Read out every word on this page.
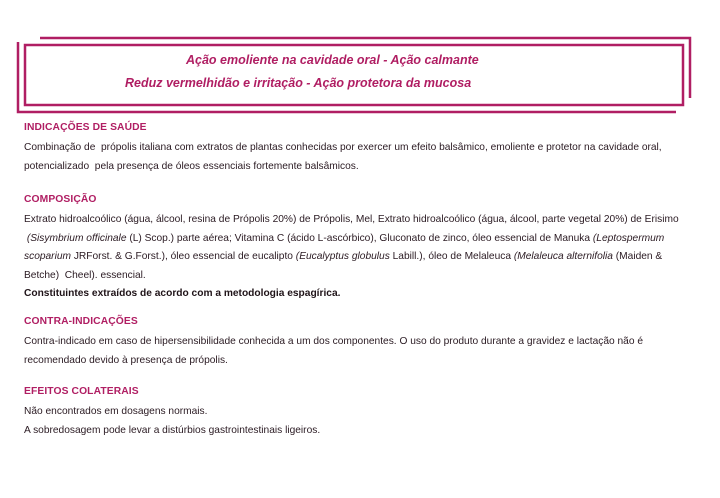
Ação emoliente na cavidade oral - Ação calmante
Reduz vermelhidão e irritação - Ação protetora da mucosa
INDICAÇÕES DE SAÚDE

Combinação de  própolis italiana com extratos de plantas conhecidas por exercer um efeito balsâmico, emoliente e protetor na cavidade oral,

potencializado  pela presença de óleos essenciais fortemente balsâmicos.

COMPOSIÇÃO

Extrato hidroalcoólico (água, álcool, resina de Própolis 20%) de Própolis, Mel, Extrato hidroalcoólico (água, álcool, parte vegetal 20%) de Erisimo

(Sisymbrium officinale (L) Scop.) parte aérea; Vitamina C (ácido L-ascórbico), Gluconato de zinco, óleo essencial de Manuka (Leptospermum

scoparium JRForst. & G.Forst.), óleo essencial de eucalipto (Eucalyptus globulus Labill.), óleo de Melaleuca (Melaleuca alternifolia (Maiden &

Betche)  Cheel). essencial.

Constituintes extraídos de acordo com a metodologia espagírica.

CONTRA-INDICAÇÕES

Contra-indicado em caso de hipersensibilidade conhecida a um dos componentes. O uso do produto durante a gravidez e lactação não é

recomendado devido à presença de própolis.

EFEITOS COLATERAIS

Não encontrados em dosagens normais.

A sobredosagem pode levar a distúrbios gastrointestinais ligeiros.
